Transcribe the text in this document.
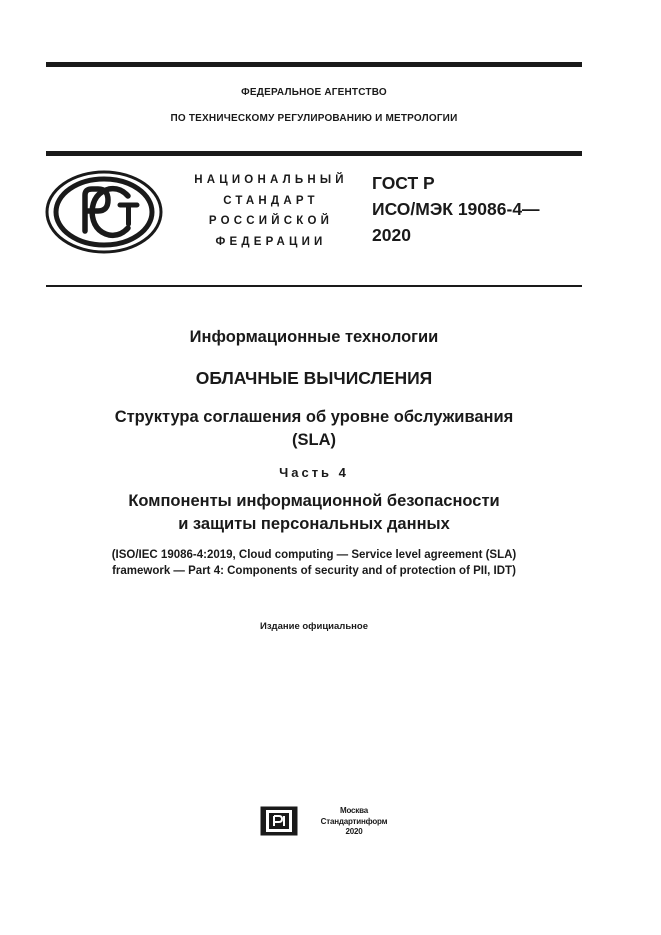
ФЕДЕРАЛЬНОЕ АГЕНТСТВО
ПО ТЕХНИЧЕСКОМУ РЕГУЛИРОВАНИЮ И МЕТРОЛОГИИ
НАЦИОНАЛЬНЫЙ
СТАНДАРТ
РОССИЙСКОЙ
ФЕДЕРАЦИИ
ГОСТ Р
ИСО/МЭК 19086-4—
2020
Информационные технологии
ОБЛАЧНЫЕ ВЫЧИСЛЕНИЯ
Структура соглашения об уровне обслуживания
(SLA)
Часть 4
Компоненты информационной безопасности
и защиты персональных данных
(ISO/IEC 19086-4:2019, Cloud computing — Service level agreement (SLA)
framework — Part 4: Components of security and of protection of PII, IDT)
Издание официальное
Москва
Стандартинформ
2020
